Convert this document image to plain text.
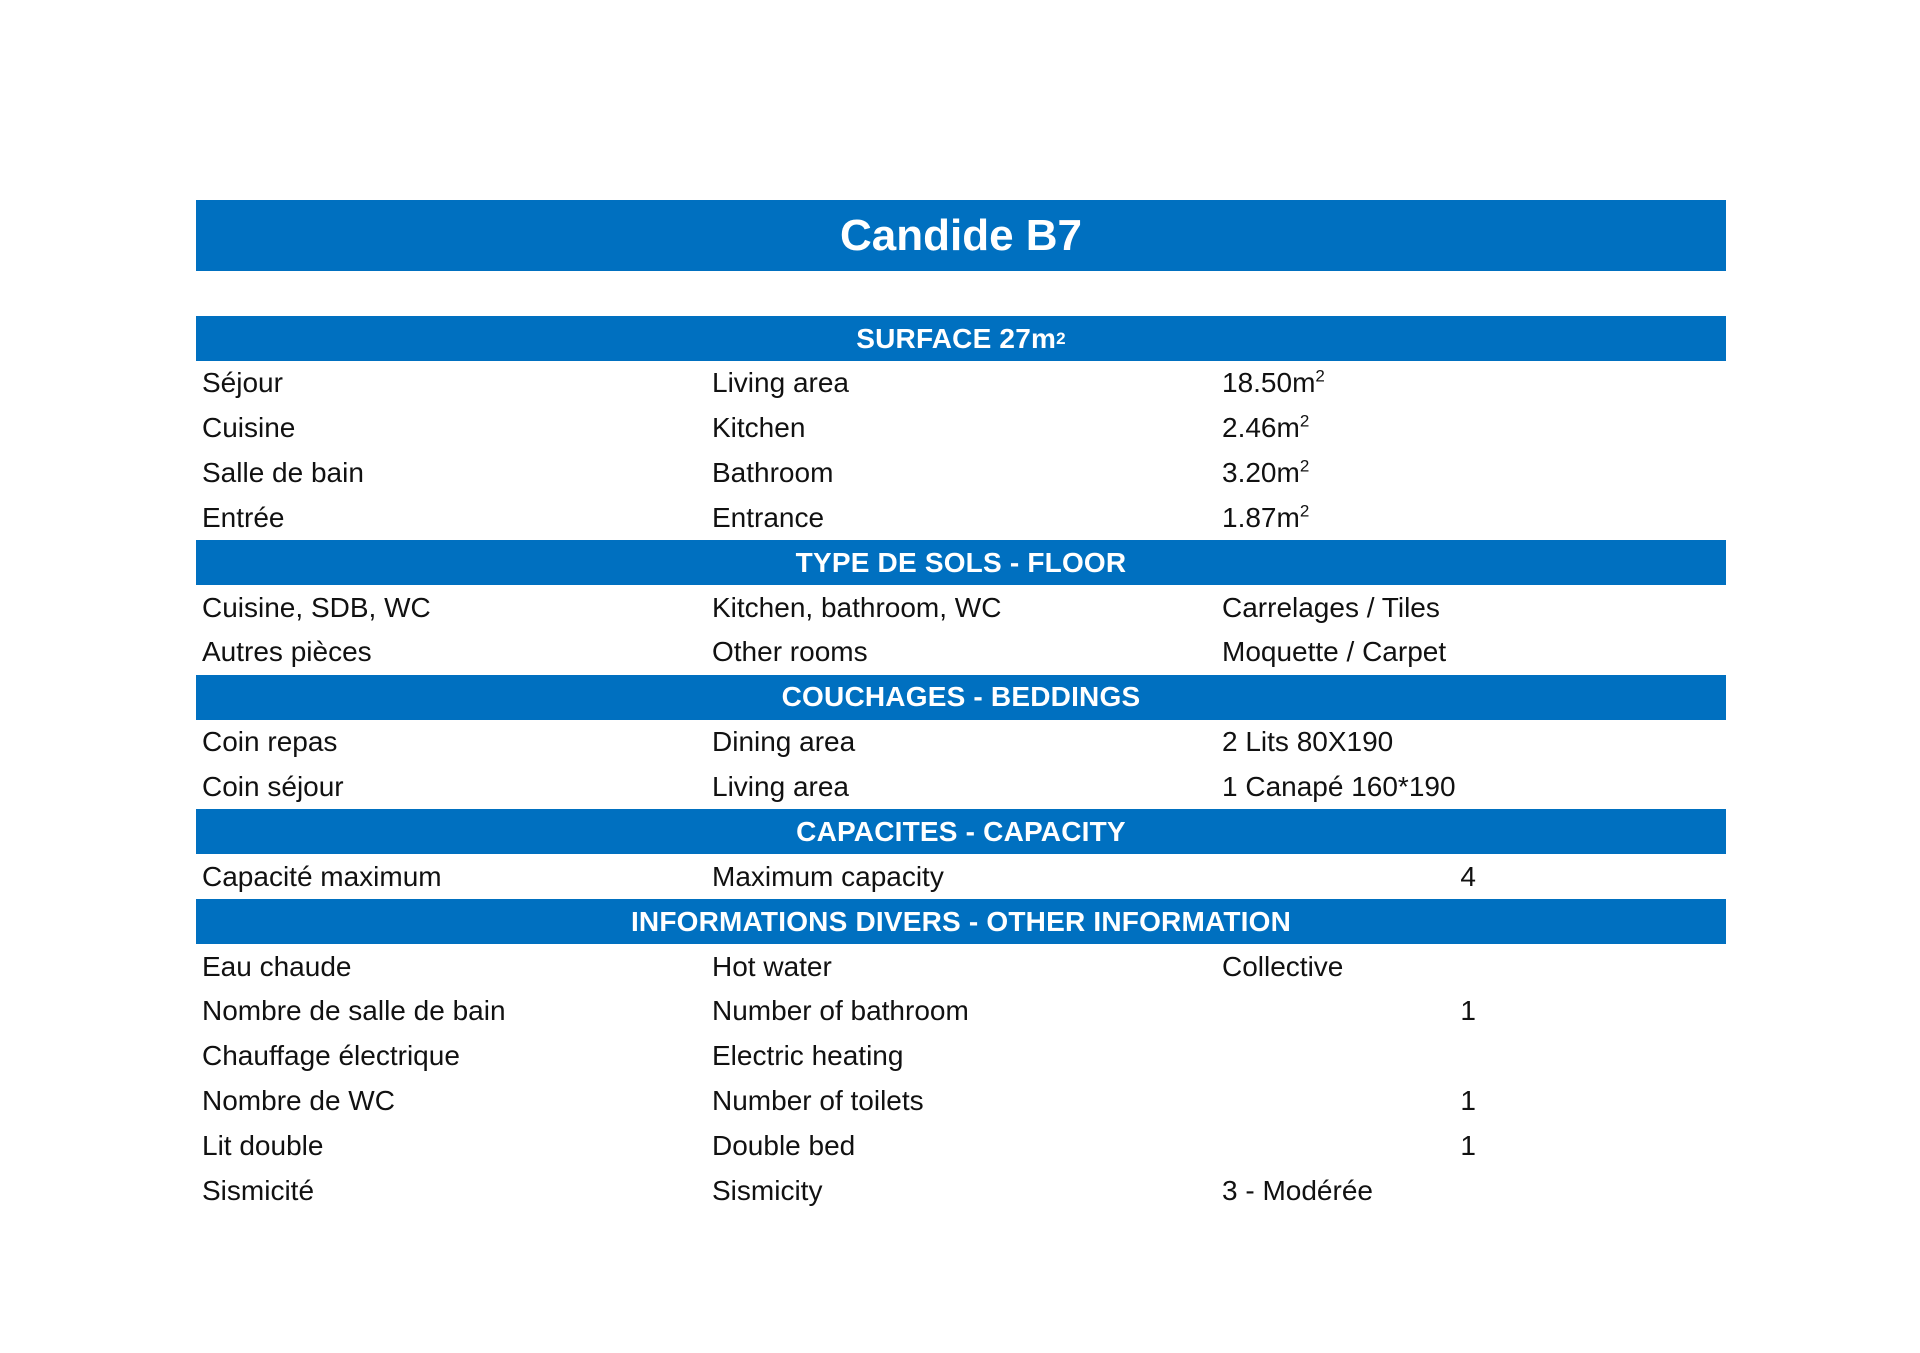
Candide B7
SURFACE 27m 2
Séjour	Living area	$18.50m^2$
Cuisine	Kitchen	$2.46m^2$
Salle de bain	Bathroom	$3.20m^2$
Entrée	Entrance	$1.87m^2$
TYPE DE SOLS - FLOOR
Cuisine, SDB, WC	Kitchen, bathroom, WC	Carrelages / Tiles
Autres pièces	Other rooms	Moquette / Carpet
COUCHAGES - BEDDINGS
Coin repas	Dining area	2 Lits 80X190
Coin séjour	Living area	1 Canapé 160*190
CAPACITES - CAPACITY
Capacité maximum	Maximum capacity	4
INFORMATIONS DIVERS - OTHER INFORMATION
Eau chaude	Hot water	Collective
Nombre de salle de bain	Number of bathroom	1
Chauffage électrique	Electric heating
Nombre de WC	Number of toilets	1
Lit double	Double bed	1
Sismicité	Sismicity	3 - Modérée
